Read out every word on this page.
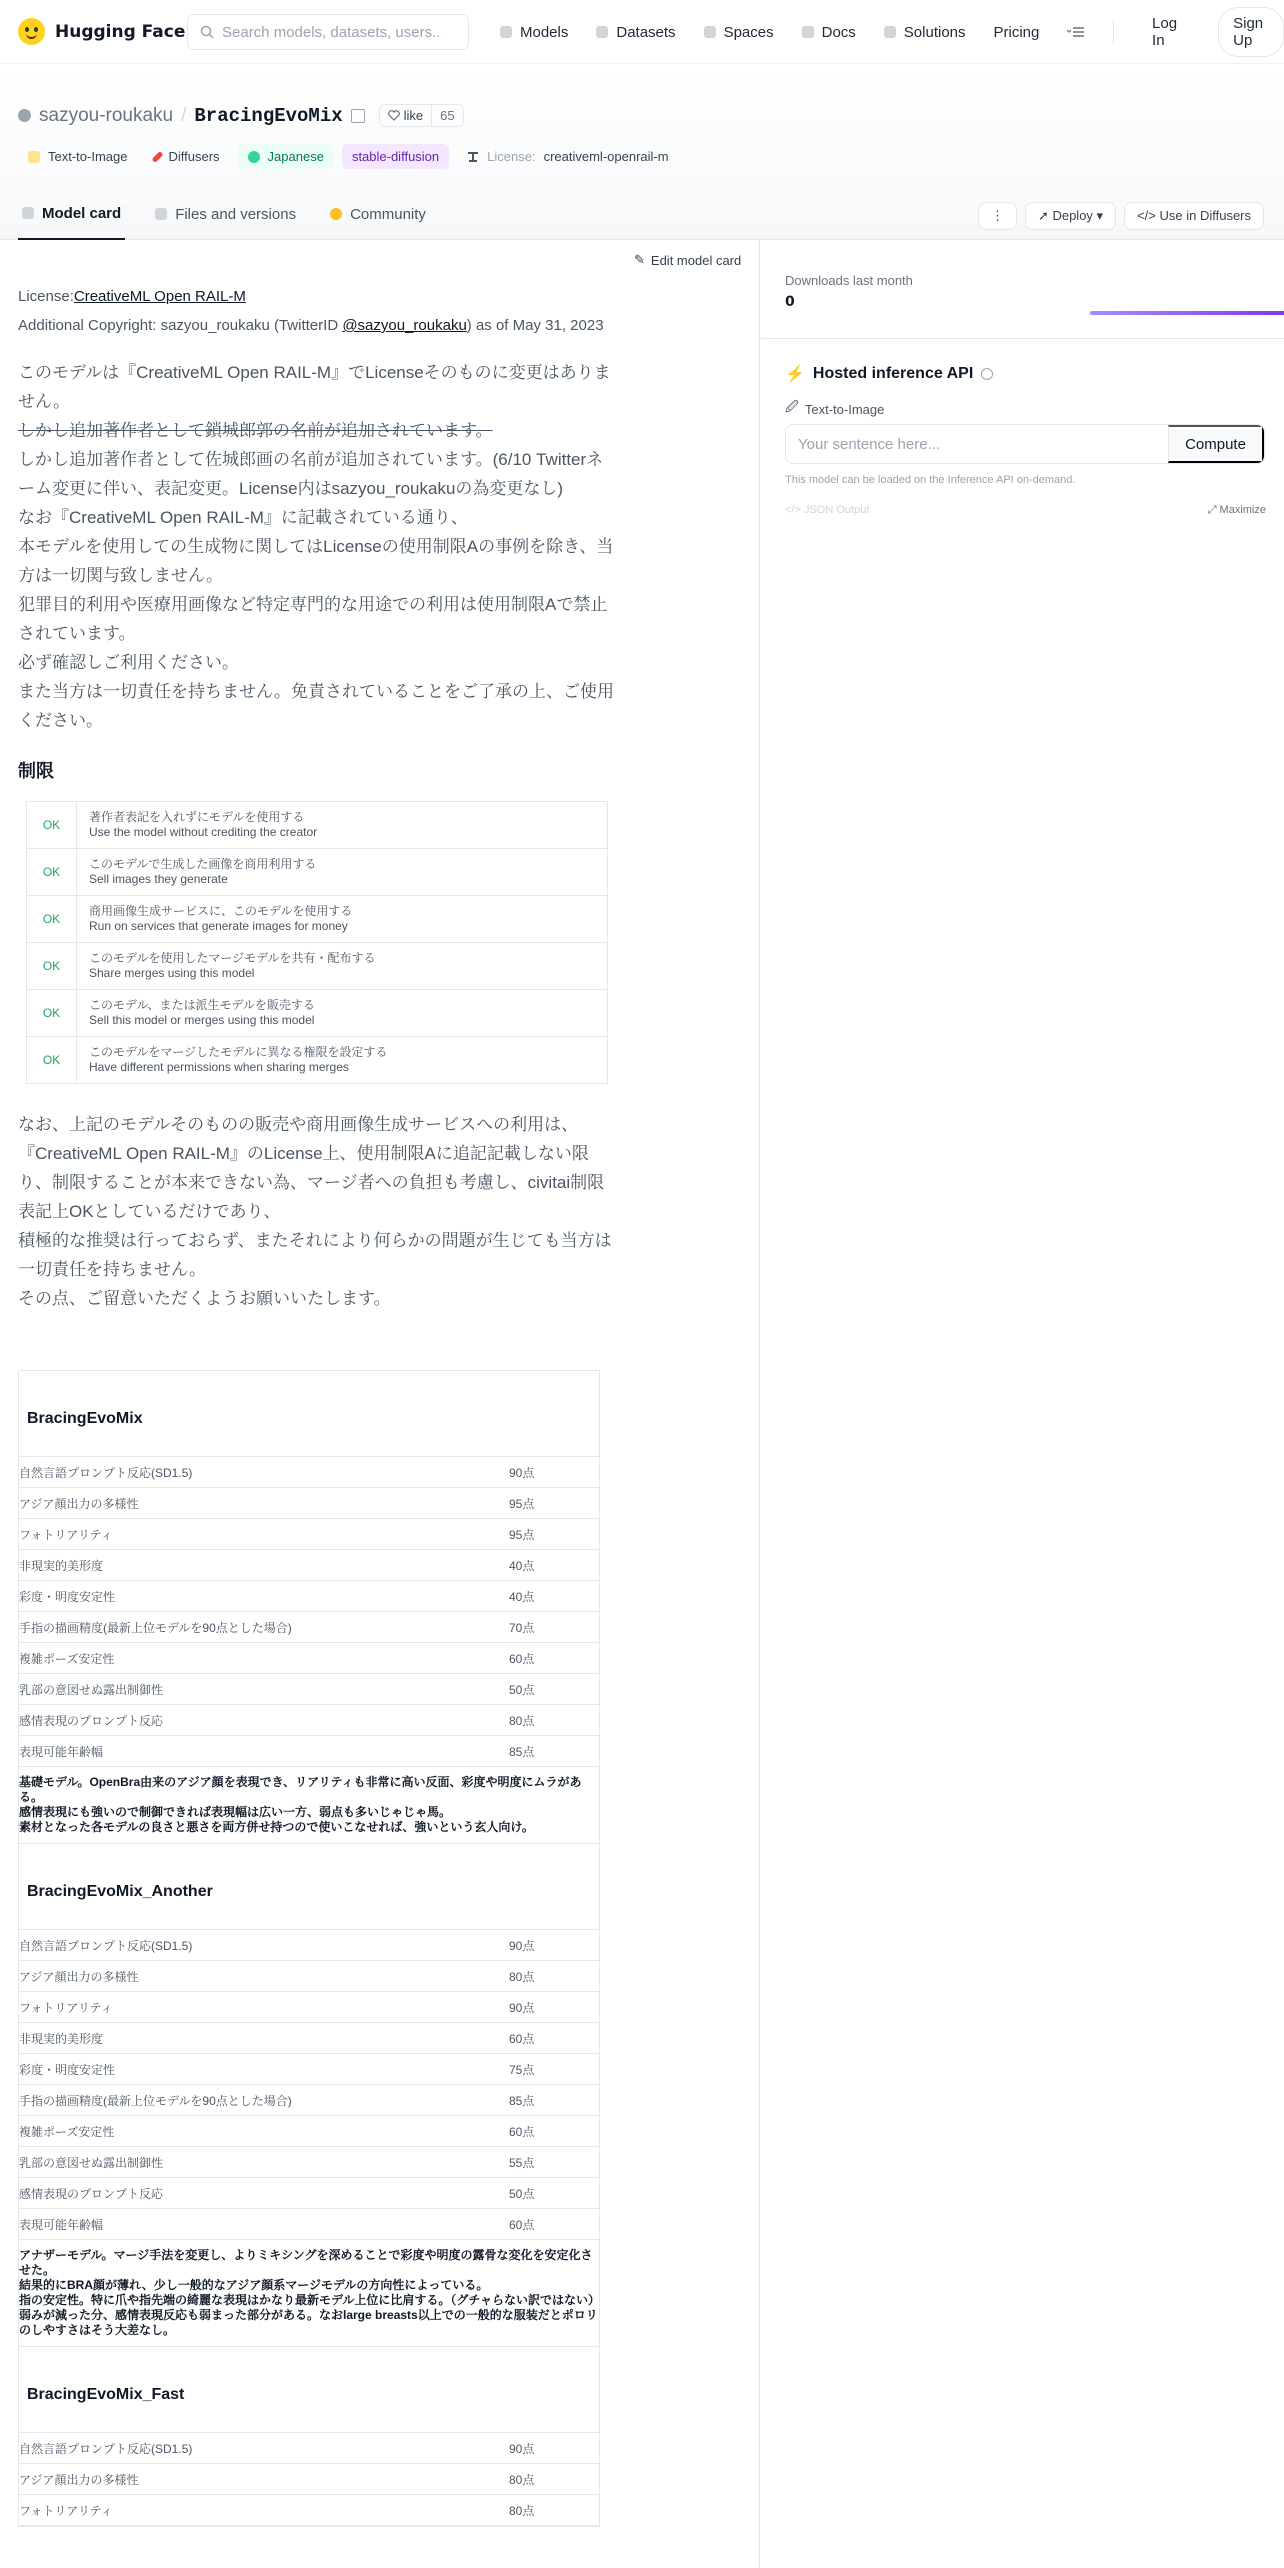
Hugging Face
Search models, datasets, users...	Models	Datasets	Spaces	Docs	Solutions Pricing	Log In
Sign Up
sazyou-roukaku / BracingEvoMix	like	65
Text-to-Image	Diffusers	Japanese stable-diffusion	License: creativeml-openrail-m
Model card	Files and versions	Community	⋮	➚ Deploy ▾	</> Use in Diffusers
✎ Edit model card

License:CreativeML Open RAIL-M

Additional Copyright: sazyou_roukaku (TwitterID @sazyou_roukaku) as of May 31, 2023

このモデルは『CreativeML Open RAIL-M』でLicenseそのものに変更はありません。
しかし追加著作者として鎖城郎郭の名前が追加されています。
しかし追加著作者として佐城郎画の名前が追加されています。(6/10 Twitterネーム変更に伴い、表記変更。License内はsazyou_roukakuの為変更なし)
なお『CreativeML Open RAIL-M』に記載されている通り、
本モデルを使用しての生成物に関してはLicenseの使用制限Aの事例を除き、当方は一切関与致しません。
犯罪目的利用や医療用画像など特定専門的な用途での利用は使用制限Aで禁止されています。
必ず確認しご利用ください。
また当方は一切責任を持ちません。免責されていることをご了承の上、ご使用ください。

制限
OK	著作者表記を入れずにモデルを使用する
Use the model without crediting the creator
OK	このモデルで生成した画像を商用利用する
Sell images they generate
OK	商用画像生成サービスに、このモデルを使用する
Run on services that generate images for money
OK	このモデルを使用したマージモデルを共有・配布する
Share merges using this model
OK	このモデル、または派生モデルを販売する
Sell this model or merges using this model
OK	このモデルをマージしたモデルに異なる権限を設定する
Have different permissions when sharing merges

なお、上記のモデルそのものの販売や商用画像生成サービスへの利用は、
『CreativeML Open RAIL-M』のLicense上、使用制限Aに追記記載しない限り、制限することが本来できない為、マージ者への負担も考慮し、civitai制限表記上OKとしているだけであり、
積極的な推奨は行っておらず、またそれにより何らかの問題が生じても当方は一切責任を持ちません。
その点、ご留意いただくようお願いいたします。

BracingEvoMix
自然言語プロンプト反応(SD1.5)	90点
アジア顔出力の多様性	95点
フォトリアリティ	95点
非現実的美形度	40点
彩度・明度安定性	40点
手指の描画精度(最新上位モデルを90点とした場合)	70点
複雑ポーズ安定性	60点
乳部の意図せぬ露出制御性	50点
感情表現のプロンプト反応	80点
表現可能年齢幅	85点
基礎モデル。OpenBra由来のアジア顔を表現でき、リアリティも非常に高い反面、彩度や明度にムラがある。
感情表現にも強いので制御できれば表現幅は広い一方、弱点も多いじゃじゃ馬。
素材となった各モデルの良さと悪さを両方併せ持つので使いこなせれば、強いという玄人向け。
BracingEvoMix_Another
自然言語プロンプト反応(SD1.5)	90点
アジア顔出力の多様性	80点
フォトリアリティ	90点
非現実的美形度	60点
彩度・明度安定性	75点
手指の描画精度(最新上位モデルを90点とした場合)	85点
複雑ポーズ安定性	60点
乳部の意図せぬ露出制御性	55点
感情表現のプロンプト反応	50点
表現可能年齢幅	60点
アナザーモデル。マージ手法を変更し、よりミキシングを深めることで彩度や明度の露骨な変化を安定化させた。
結果的にBRA顔が薄れ、少し一般的なアジア顔系マージモデルの方向性によっている。
指の安定性。特に爪や指先端の綺麗な表現はかなり最新モデル上位に比肩する。（グチャらない訳ではない）
弱みが減った分、感情表現反応も弱まった部分がある。なおlarge breasts以上での一般的な服装だとポロリのしやすさはそう大差なし。
BracingEvoMix_Fast
自然言語プロンプト反応(SD1.5)	90点
アジア顔出力の多様性	80点
フォトリアリティ	80点
Downloads last month
0
⚡ Hosted inference API
🖉 Text-to-Image
Your sentence here...
Compute
This model can be loaded on the Inference API on-demand.
</> JSON Output	⤢ Maximize
